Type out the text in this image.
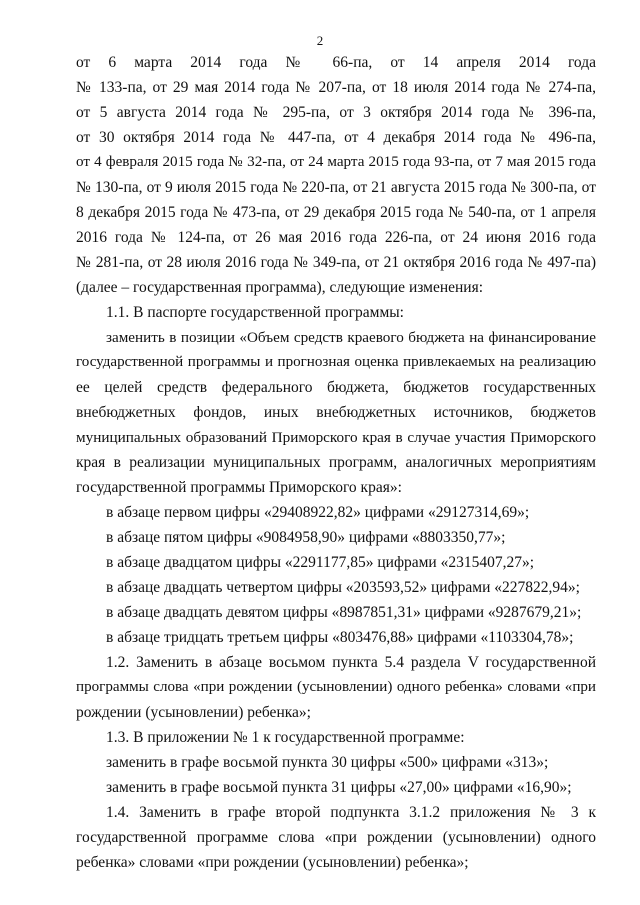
2
от 6 марта 2014 года № 66-па, от 14 апреля 2014 года
№ 133-па, от 29 мая 2014 года № 207-па, от 18 июля 2014 года № 274-па,
от 5 августа 2014 года № 295-па, от 3 октября 2014 года № 396-па,
от 30 октября 2014 года № 447-па, от 4 декабря 2014 года № 496-па,
от 4 февраля 2015 года № 32-па, от 24 марта 2015 года 93-па, от 7 мая 2015 года
№ 130-па, от 9 июля 2015 года № 220-па, от 21 августа 2015 года № 300-па, от
8 декабря 2015 года № 473-па, от 29 декабря 2015 года № 540-па, от 1 апреля
2016 года № 124-па, от 26 мая 2016 года 226-па, от 24 июня 2016 года
№ 281-па, от 28 июля 2016 года № 349-па, от 21 октября 2016 года № 497-па)
(далее – государственная программа), следующие изменения:
1.1. В паспорте государственной программы:
заменить в позиции «Объем средств краевого бюджета на финансирование
государственной программы и прогнозная оценка привлекаемых на реализацию
ее целей средств федерального бюджета, бюджетов государственных
внебюджетных фондов, иных внебюджетных источников, бюджетов
муниципальных образований Приморского края в случае участия Приморского
края в реализации муниципальных программ, аналогичных мероприятиям
государственной программы Приморского края»:
в абзаце первом цифры «29408922,82» цифрами «29127314,69»;
в абзаце пятом цифры «9084958,90» цифрами «8803350,77»;
в абзаце двадцатом цифры «2291177,85» цифрами «2315407,27»;
в абзаце двадцать четвертом цифры «203593,52» цифрами «227822,94»;
в абзаце двадцать девятом цифры «8987851,31» цифрами «9287679,21»;
в абзаце тридцать третьем цифры «803476,88» цифрами «1103304,78»;
1.2. Заменить в абзаце восьмом пункта 5.4 раздела V государственной
программы слова «при рождении (усыновлении) одного ребенка» словами «при
рождении (усыновлении) ребенка»;
1.3. В приложении № 1 к государственной программе:
заменить в графе восьмой пункта 30 цифры «500» цифрами «313»;
заменить в графе восьмой пункта 31 цифры «27,00» цифрами «16,90»;
1.4. Заменить в графе второй подпункта 3.1.2 приложения № 3 к
государственной программе слова «при рождении (усыновлении) одного
ребенка» словами «при рождении (усыновлении) ребенка»;
